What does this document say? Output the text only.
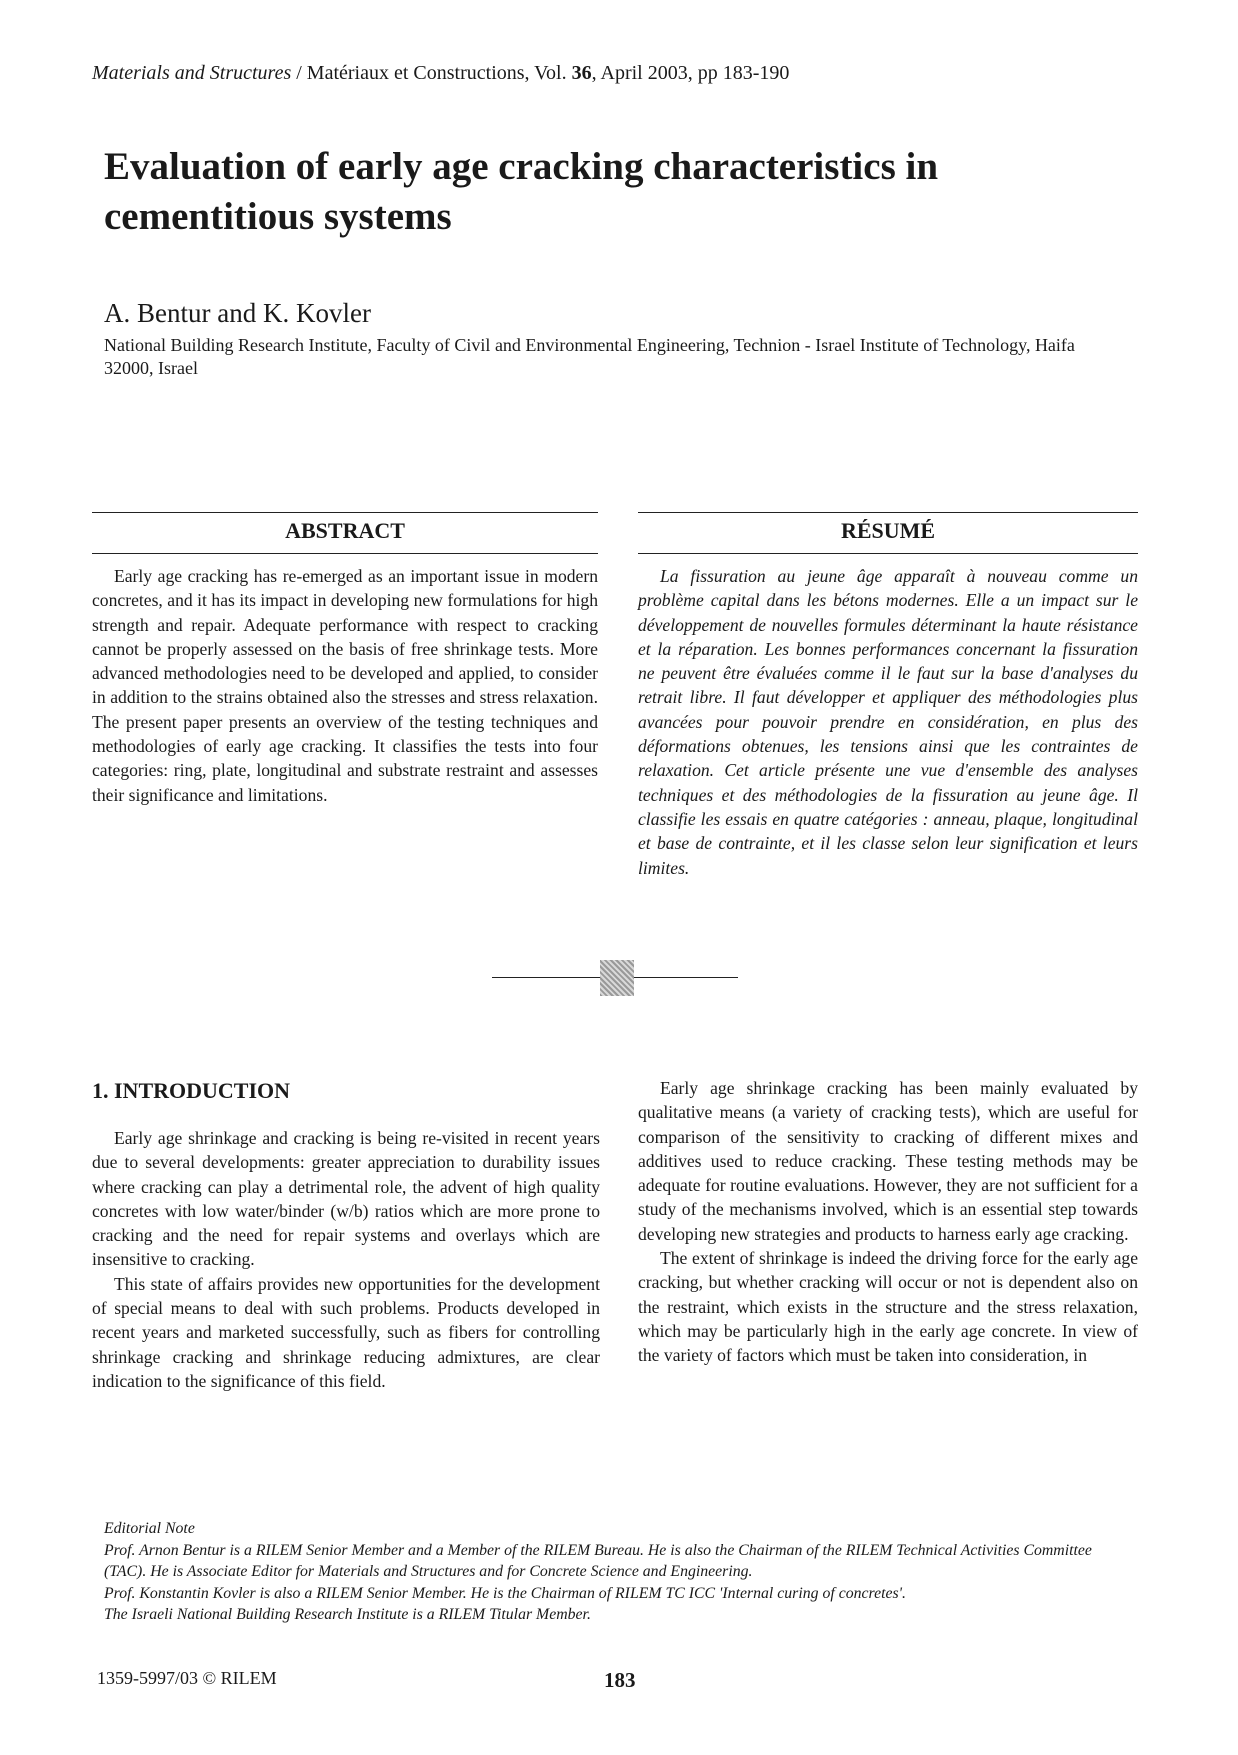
Materials and Structures / Matériaux et Constructions, Vol. 36, April 2003, pp 183-190
Evaluation of early age cracking characteristics in cementitious systems
A. Bentur and K. Kovler
National Building Research Institute, Faculty of Civil and Environmental Engineering, Technion - Israel Institute of Technology, Haifa 32000, Israel
ABSTRACT

Early age cracking has re-emerged as an important issue in modern concretes, and it has its impact in developing new formulations for high strength and repair. Adequate performance with respect to cracking cannot be properly assessed on the basis of free shrinkage tests. More advanced methodologies need to be developed and applied, to consider in addition to the strains obtained also the stresses and stress relaxation. The present paper presents an overview of the testing techniques and methodologies of early age cracking. It classifies the tests into four categories: ring, plate, longitudinal and substrate restraint and assesses their significance and limitations.

RÉSUMÉ

La fissuration au jeune âge apparaît à nouveau comme un problème capital dans les bétons modernes. Elle a un impact sur le développement de nouvelles formules déterminant la haute résistance et la réparation. Les bonnes performances concernant la fissuration ne peuvent être évaluées comme il le faut sur la base d'analyses du retrait libre. Il faut développer et appliquer des méthodologies plus avancées pour pouvoir prendre en considération, en plus des déformations obtenues, les tensions ainsi que les contraintes de relaxation. Cet article présente une vue d'ensemble des analyses techniques et des méthodologies de la fissuration au jeune âge. Il classifie les essais en quatre catégories : anneau, plaque, longitudinal et base de contrainte, et il les classe selon leur signification et leurs limites.

1. INTRODUCTION

Early age shrinkage and cracking is being re-visited in recent years due to several developments: greater appreciation to durability issues where cracking can play a detrimental role, the advent of high quality concretes with low water/binder (w/b) ratios which are more prone to cracking and the need for repair systems and overlays which are insensitive to cracking.

This state of affairs provides new opportunities for the development of special means to deal with such problems. Products developed in recent years and marketed successfully, such as fibers for controlling shrinkage cracking and shrinkage reducing admixtures, are clear indication to the significance of this field.

Early age shrinkage cracking has been mainly evaluated by qualitative means (a variety of cracking tests), which are useful for comparison of the sensitivity to cracking of different mixes and additives used to reduce cracking. These testing methods may be adequate for routine evaluations. However, they are not sufficient for a study of the mechanisms involved, which is an essential step towards developing new strategies and products to harness early age cracking.

The extent of shrinkage is indeed the driving force for the early age cracking, but whether cracking will occur or not is dependent also on the restraint, which exists in the structure and the stress relaxation, which may be particularly high in the early age concrete. In view of the variety of factors which must be taken into consideration, in

Editorial Note
Prof. Arnon Bentur is a RILEM Senior Member and a Member of the RILEM Bureau. He is also the Chairman of the RILEM Technical Activities Committee (TAC). He is Associate Editor for Materials and Structures and for Concrete Science and Engineering.
Prof. Konstantin Kovler is also a RILEM Senior Member. He is the Chairman of RILEM TC ICC 'Internal curing of concretes'.
The Israeli National Building Research Institute is a RILEM Titular Member.
1359-5997/03 © RILEM	183
